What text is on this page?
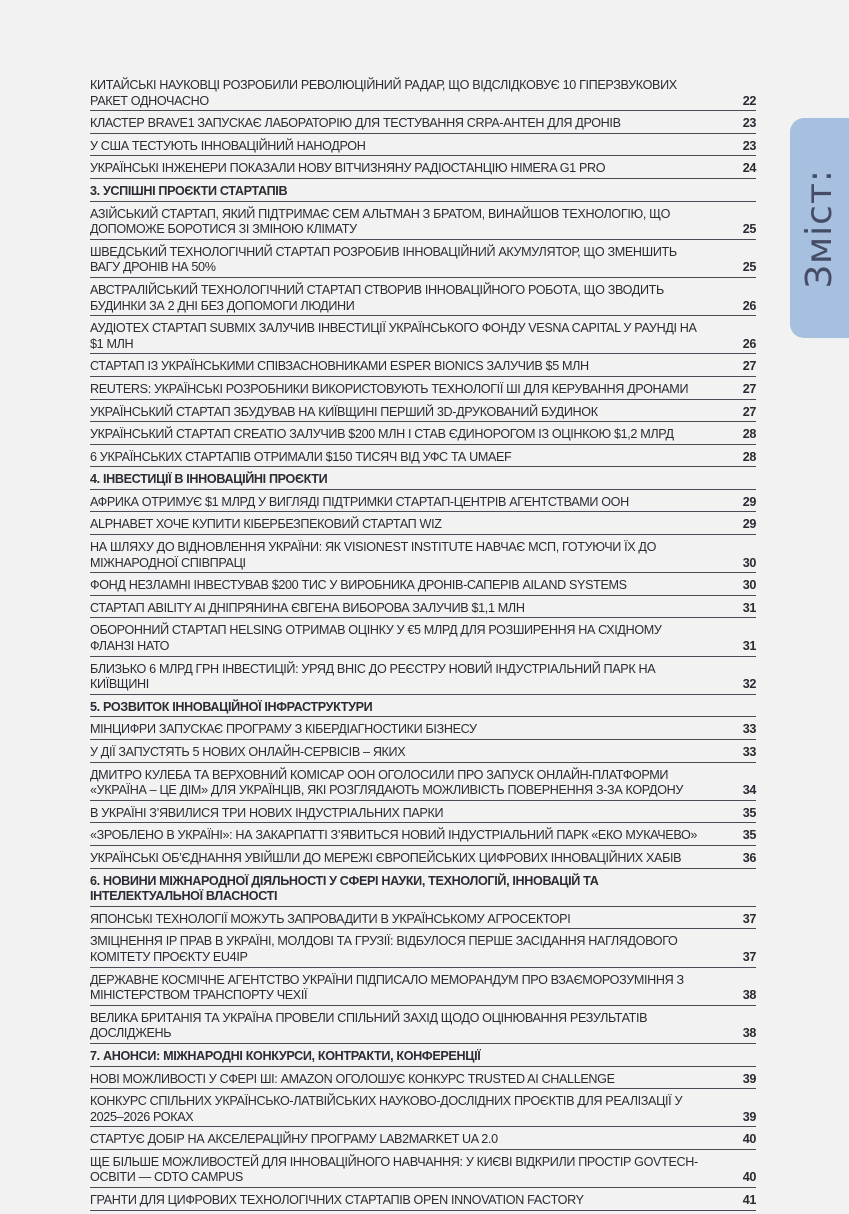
Зміст:
КИТАЙСЬКІ НАУКОВЦІ РОЗРОБИЛИ РЕВОЛЮЦІЙНИЙ РАДАР, ЩО ВІДСЛІДКОВУЄ 10 ГІПЕРЗВУКОВИХ РАКЕТ ОДНОЧАСНО	22
КЛАСТЕР BRAVE1 ЗАПУСКАЄ ЛАБОРАТОРІЮ ДЛЯ ТЕСТУВАННЯ CRPA-АНТЕН ДЛЯ ДРОНІВ	23
У США ТЕСТУЮТЬ ІННОВАЦІЙНИЙ НАНОДРОН	23
УКРАЇНСЬКІ ІНЖЕНЕРИ ПОКАЗАЛИ НОВУ ВІТЧИЗНЯНУ РАДІОСТАНЦІЮ HIMERA G1 PRO	24
3. УСПІШНІ ПРОЄКТИ СТАРТАПІВ
АЗІЙСЬКИЙ СТАРТАП, ЯКИЙ ПІДТРИМАЄ СЕМ АЛЬТМАН З БРАТОМ, ВИНАЙШОВ ТЕХНОЛОГІЮ, ЩО ДОПОМОЖЕ БОРОТИСЯ ЗІ ЗМІНОЮ КЛІМАТУ	25
ШВЕДСЬКИЙ ТЕХНОЛОГІЧНИЙ СТАРТАП РОЗРОБИВ ІННОВАЦІЙНИЙ АКУМУЛЯТОР, ЩО ЗМЕНШИТЬ ВАГУ ДРОНІВ НА 50%	25
АВСТРАЛІЙСЬКИЙ ТЕХНОЛОГІЧНИЙ СТАРТАП СТВОРИВ ІННОВАЦІЙНОГО РОБОТА, ЩО ЗВОДИТЬ БУДИНКИ ЗА 2 ДНІ БЕЗ ДОПОМОГИ ЛЮДИНИ	26
АУДІОТЕХ СТАРТАП SUBMIX ЗАЛУЧИВ ІНВЕСТИЦІЇ УКРАЇНСЬКОГО ФОНДУ VESNA CAPITAL У РАУНДІ НА $1 МЛН	26
СТАРТАП ІЗ УКРАЇНСЬКИМИ СПІВЗАСНОВНИКАМИ ESPER BIONICS ЗАЛУЧИВ $5 МЛН	27
REUTERS: УКРАЇНСЬКІ РОЗРОБНИКИ ВИКОРИСТОВУЮТЬ ТЕХНОЛОГІЇ ШІ ДЛЯ КЕРУВАННЯ ДРОНАМИ	27
УКРАЇНСЬКИЙ СТАРТАП ЗБУДУВАВ НА КИЇВЩИНІ ПЕРШИЙ 3D-ДРУКОВАНИЙ БУДИНОК	27
УКРАЇНСЬКИЙ СТАРТАП CREATIO ЗАЛУЧИВ $200 МЛН І СТАВ ЄДИНОРОГОМ ІЗ ОЦІНКОЮ $1,2 МЛРД	28
6 УКРАЇНСЬКИХ СТАРТАПІВ ОТРИМАЛИ $150 ТИСЯЧ ВІД УФС ТА UMAEF	28
4. ІНВЕСТИЦІЇ В ІННОВАЦІЙНІ ПРОЄКТИ
АФРИКА ОТРИМУЄ $1 МЛРД У ВИГЛЯДІ ПІДТРИМКИ СТАРТАП-ЦЕНТРІВ АГЕНТСТВАМИ ООН	29
ALPHABET ХОЧЕ КУПИТИ КІБЕРБЕЗПЕКОВИЙ СТАРТАП WIZ	29
НА ШЛЯХУ ДО ВІДНОВЛЕННЯ УКРАЇНИ: ЯК VISIONEST INSTITUTE НАВЧАЄ МСП, ГОТУЮЧИ ЇХ ДО МІЖНАРОДНОЇ СПІВПРАЦІ	30
ФОНД НЕЗЛАМНІ ІНВЕСТУВАВ $200 ТИС У ВИРОБНИКА ДРОНІВ-САПЕРІВ AILAND SYSTEMS	30
СТАРТАП ABILITY AI ДНІПРЯНИНА ЄВГЕНА ВИБОРОВА ЗАЛУЧИВ $1,1 МЛН	31
ОБОРОННИЙ СТАРТАП HELSING ОТРИМАВ ОЦІНКУ У €5 МЛРД ДЛЯ РОЗШИРЕННЯ НА СХІДНОМУ ФЛАНЗІ НАТО	31
БЛИЗЬКО 6 МЛРД ГРН ІНВЕСТИЦІЙ: УРЯД ВНІС ДО РЕЄСТРУ НОВИЙ ІНДУСТРІАЛЬНИЙ ПАРК НА КИЇВЩИНІ	32
5. РОЗВИТОК ІННОВАЦІЙНОЇ ІНФРАСТРУКТУРИ
МІНЦИФРИ ЗАПУСКАЄ ПРОГРАМУ З КІБЕРДІАГНОСТИКИ БІЗНЕСУ	33
У ДІЇ ЗАПУСТЯТЬ 5 НОВИХ ОНЛАЙН-СЕРВІСІВ – ЯКИХ	33
ДМИТРО КУЛЕБА ТА ВЕРХОВНИЙ КОМІСАР ООН ОГОЛОСИЛИ ПРО ЗАПУСК ОНЛАЙН-ПЛАТФОРМИ «УКРАЇНА – ЦЕ ДІМ» ДЛЯ УКРАЇНЦІВ, ЯКІ РОЗГЛЯДАЮТЬ МОЖЛИВІСТЬ ПОВЕРНЕННЯ З-ЗА КОРДОНУ	34
В УКРАЇНІ З’ЯВИЛИСЯ ТРИ НОВИХ ІНДУСТРІАЛЬНИХ ПАРКИ	35
«ЗРОБЛЕНО В УКРАЇНІ»: НА ЗАКАРПАТТІ З’ЯВИТЬСЯ НОВИЙ ІНДУСТРІАЛЬНИЙ ПАРК «ЕКО МУКАЧЕВО»	35
УКРАЇНСЬКІ ОБ’ЄДНАННЯ УВІЙШЛИ ДО МЕРЕЖІ ЄВРОПЕЙСЬКИХ ЦИФРОВИХ ІННОВАЦІЙНИХ ХАБІВ	36
6. НОВИНИ МІЖНАРОДНОЇ ДІЯЛЬНОСТІ У СФЕРІ НАУКИ, ТЕХНОЛОГІЙ, ІННОВАЦІЙ ТА ІНТЕЛЕКТУАЛЬНОЇ ВЛАСНОСТІ
ЯПОНСЬКІ ТЕХНОЛОГІЇ МОЖУТЬ ЗАПРОВАДИТИ В УКРАЇНСЬКОМУ АГРОСЕКТОРІ	37
ЗМІЦНЕННЯ IP ПРАВ В УКРАЇНІ, МОЛДОВІ ТА ГРУЗІЇ: ВІДБУЛОСЯ ПЕРШЕ ЗАСІДАННЯ НАГЛЯДОВОГО КОМІТЕТУ ПРОЄКТУ EU4IP	37
ДЕРЖАВНЕ КОСМІЧНЕ АГЕНТСТВО УКРАЇНИ ПІДПИСАЛО МЕМОРАНДУМ ПРО ВЗАЄМОРОЗУМІННЯ З МІНІСТЕРСТВОМ ТРАНСПОРТУ ЧЕХІЇ	38
ВЕЛИКА БРИТАНІЯ ТА УКРАЇНА ПРОВЕЛИ СПІЛЬНИЙ ЗАХІД ЩОДО ОЦІНЮВАННЯ РЕЗУЛЬТАТІВ ДОСЛІДЖЕНЬ	38
7. АНОНСИ: МІЖНАРОДНІ КОНКУРСИ, КОНТРАКТИ, КОНФЕРЕНЦІЇ
НОВІ МОЖЛИВОСТІ У СФЕРІ ШІ: AMAZON ОГОЛОШУЄ КОНКУРС TRUSTED AI CHALLENGE	39
КОНКУРС СПІЛЬНИХ УКРАЇНСЬКО-ЛАТВІЙСЬКИХ НАУКОВО-ДОСЛІДНИХ ПРОЄКТІВ ДЛЯ РЕАЛІЗАЦІЇ У 2025–2026 РОКАХ	39
СТАРТУЄ ДОБІР НА АКСЕЛЕРАЦІЙНУ ПРОГРАМУ LAB2MARKET UA 2.0	40
ЩЕ БІЛЬШЕ МОЖЛИВОСТЕЙ ДЛЯ ІННОВАЦІЙНОГО НАВЧАННЯ: У КИЄВІ ВІДКРИЛИ ПРОСТІР GOVTECH-ОСВІТИ — CDTO CAMPUS	40
ГРАНТИ ДЛЯ ЦИФРОВИХ ТЕХНОЛОГІЧНИХ СТАРТАПІВ OPEN INNOVATION FACTORY	41
